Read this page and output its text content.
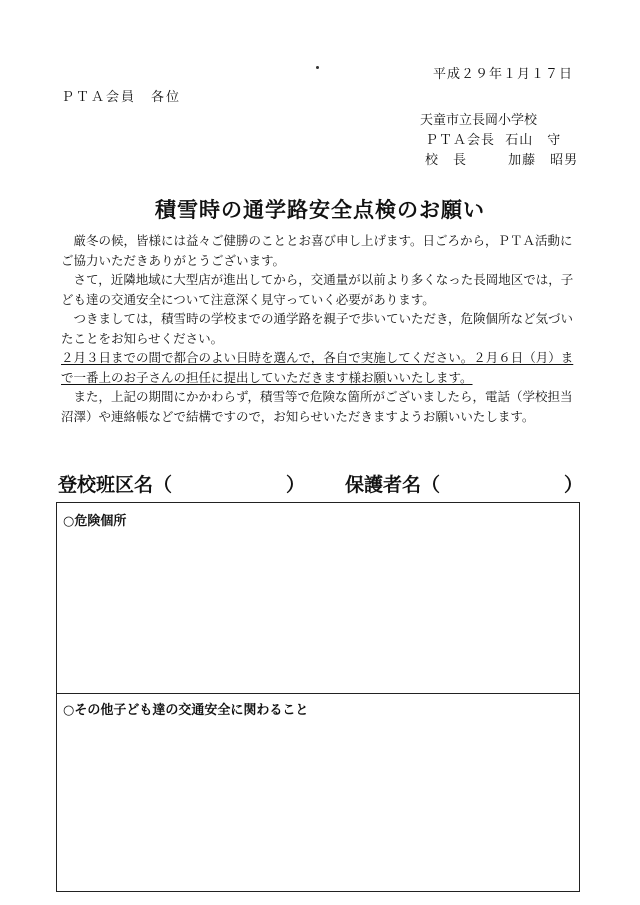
平成２９年１月１７日
ＰＴＡ会員　各位
天童市立長岡小学校
ＰＴＡ会長 石山　守
校　長	加藤　昭男
積雪時の通学路安全点検のお願い
　厳冬の候，皆様には益々ご健勝のこととお喜び申し上げます。日ごろから，ＰＴＡ活動にご協力いただきありがとうございます。
　さて，近隣地域に大型店が進出してから，交通量が以前より多くなった長岡地区では，子ども達の交通安全について注意深く見守っていく必要があります。
　つきましては，積雪時の学校までの通学路を親子で歩いていただき，危険個所など気づいたことをお知らせください。
２月３日までの間で都合のよい日時を選んで，各自で実施してください。２月６日（月）まで一番上のお子さんの担任に提出していただきます様お願いいたします。
　また，上記の期間にかかわらず，積雪等で危険な箇所がございましたら，電話（学校担当　沼澤）や連絡帳などで結構ですので，お知らせいただきますようお願いいたします。
登校班区名（	） 保護者名（	）
○危険個所
○その他子ども達の交通安全に関わること
